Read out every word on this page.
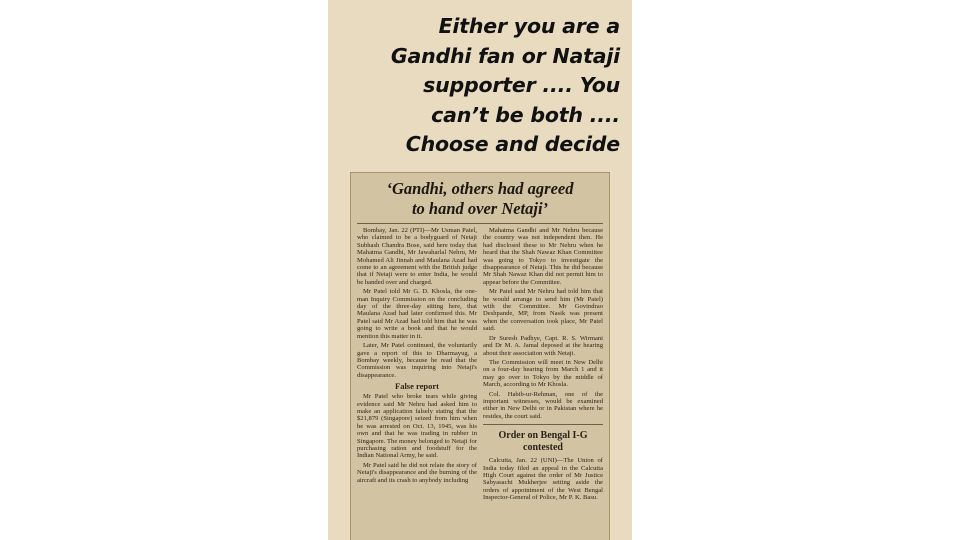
Either you are a
Gandhi fan or Nataji
supporter .... You
can’t be both ....
Choose and decide
‘Gandhi, others had agreed
to hand over Netaji’

Bombay, Jan. 22 (PTI)—Mr Usman Patel, who claimed to be a bodyguard of Netaji Subhash Chandra Bose, said here today that Mahatma Gandhi, Mr Jawaharlal Nehru, Mr Mohamed Ali Jinnah and Maulana Azad had come to an agreement with the British judge that if Netaji were to enter India, he would be handed over and charged.

Mr Patel told Mr G. D. Khosla, the one-man Inquiry Commission on the concluding day of the three-day sitting here, that Maulana Azad had later confirmed this. Mr Patel said Mr Azad had told him that he was going to write a book and that he would mention this matter in it.

Later, Mr Patel continued, the voluntarily gave a report of this to Dharmayug, a Bombay weekly, because he read that the Commission was inquiring into Netaji's disappearance.

False report

Mr Patel who broke tears while giving evidence said Mr Nehru had asked him to make an application falsely stating that the $21,879 (Singapore) seized from him when he was arrested on Oct. 13, 1945, was his own and that he was trading in rubber in Singapore. The money belonged to Netaji for purchasing ration and foodstuff for the Indian National Army, he said.

Mr Patel said he did not relate the story of Netaji's disappearance and the burning of the aircraft and its crash to anybody including

Mahatma Gandhi and Mr Nehru because the country was not independent then. He had disclosed these to Mr Nehru when he heard that the Shah Nawaz Khan Committee was going to Tokyo to investigate the disappearance of Netaji. This he did because Mr Shah Nawaz Khan did not permit him to appear before the Committee.

Mr Patel said Mr Nehru had told him that he would arrange to send him (Mr Patel) with the Committee. Mr Govindrao Deshpande, MP, from Nasik was present when the conversation took place, Mr Patel said.

Dr Suresh Padhye, Capt. R. S. Wirmani and Dr M. A. Jamal deposed at the hearing about their association with Netaji.

The Commission will meet in New Delhi on a four-day hearing from March 1 and it may go over to Tokyo by the middle of March, according to Mr Khosla.

Col. Habib-ur-Rehman, one of the important witnesses, would be examined either in New Delhi or in Pakistan where he resides, the court said.

Order on Bengal I-G contested

Calcutta, Jan. 22 (UNI)—The Union of India today filed an appeal in the Calcutta High Court against the order of Mr Justice Sabyasachi Mukherjee setting aside the orders of appointment of the West Bengal Inspector-General of Police, Mr P. K. Basu.
